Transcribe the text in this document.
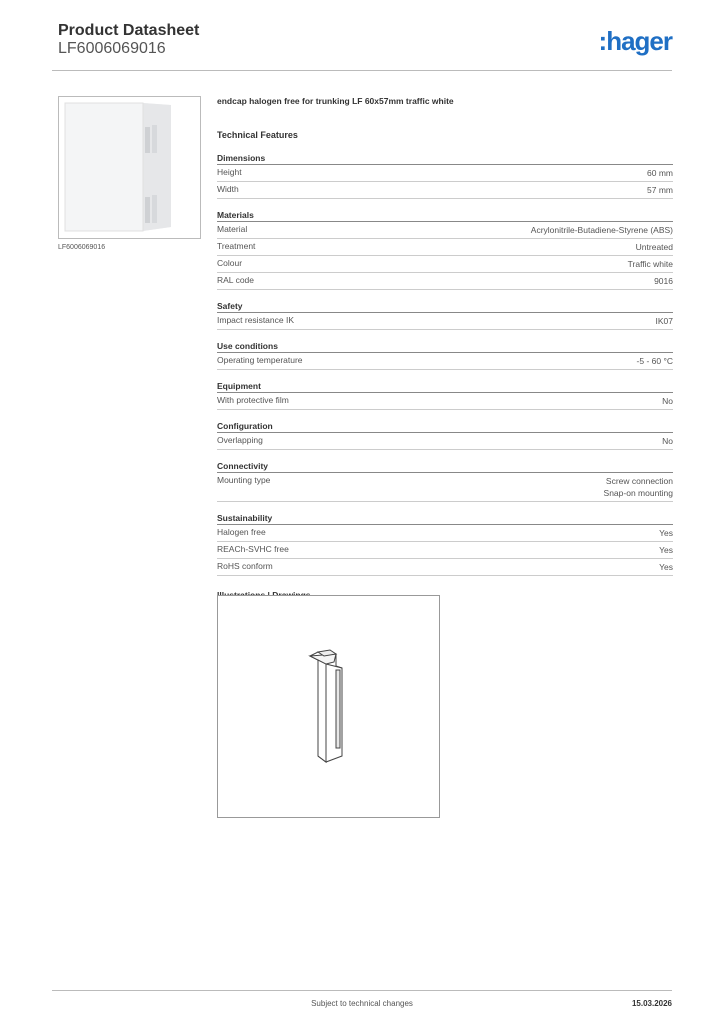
Product Datasheet
LF6006069016	:hager
LF6006069016
endcap halogen free for trunking LF 60x57mm traffic white
Technical Features
Dimensions
Height	60 mm
Width	57 mm
Materials
Material	Acrylonitrile-Butadiene-Styrene (ABS)
Treatment	Untreated
Colour	Traffic white
RAL code	9016
Safety
Impact resistance IK	IK07
Use conditions
Operating temperature	-5 - 60 °C
Equipment
With protective film	No
Configuration
Overlapping	No
Connectivity
Mounting type	Screw connection
Snap-on mounting
Sustainability
Halogen free	Yes
REACh-SVHC free	Yes
RoHS conform	Yes
Subject to technical changes	15.03.2026
